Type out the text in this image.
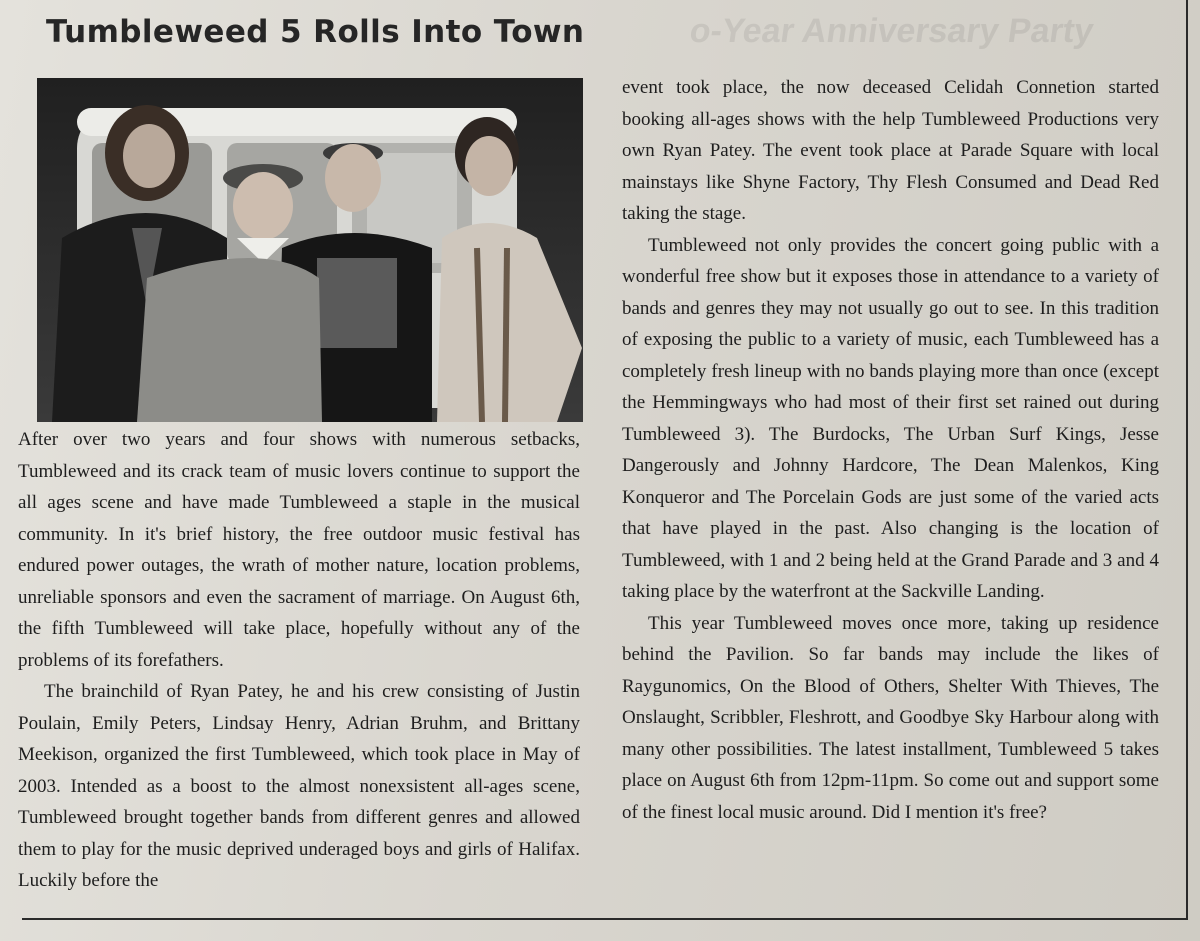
o-Year Anniversary Party
Tumbleweed 5 Rolls Into Town

After over two years and four shows with numerous setbacks, Tumbleweed and its crack team of music lovers continue to support the all ages scene and have made Tumbleweed a staple in the musical community. In it's brief history, the free outdoor music festival has endured power outages, the wrath of mother nature, location problems, unreliable sponsors and even the sacrament of marriage. On August 6th, the fifth Tumbleweed will take place, hopefully without any of the problems of its forefathers.

The brainchild of Ryan Patey, he and his crew consisting of Justin Poulain, Emily Peters, Lindsay Henry, Adrian Bruhm, and Brittany Meekison, organized the first Tumbleweed, which took place in May of 2003. Intended as a boost to the almost nonexsistent all-ages scene, Tumbleweed brought together bands from different genres and allowed them to play for the music deprived underaged boys and girls of Halifax. Luckily before the

event took place, the now deceased Celidah Connetion started booking all-ages shows with the help Tumbleweed Productions very own Ryan Patey. The event took place at Parade Square with local mainstays like Shyne Factory, Thy Flesh Consumed and Dead Red taking the stage.

Tumbleweed not only provides the concert going public with a wonderful free show but it exposes those in attendance to a variety of bands and genres they may not usually go out to see. In this tradition of exposing the public to a variety of music, each Tumbleweed has a completely fresh lineup with no bands playing more than once (except the Hemmingways who had most of their first set rained out during Tumbleweed 3). The Burdocks, The Urban Surf Kings, Jesse Dangerously and Johnny Hardcore, The Dean Malenkos, King Konqueror and The Porcelain Gods are just some of the varied acts that have played in the past. Also changing is the location of Tumbleweed, with 1 and 2 being held at the Grand Parade and 3 and 4 taking place by the waterfront at the Sackville Landing.

This year Tumbleweed moves once more, taking up residence behind the Pavilion. So far bands may include the likes of Raygunomics, On the Blood of Others, Shelter With Thieves, The Onslaught, Scribbler, Fleshrott, and Goodbye Sky Harbour along with many other possibilities. The latest installment, Tumbleweed 5 takes place on August 6th from 12pm-11pm. So come out and support some of the finest local music around. Did I mention it's free?
